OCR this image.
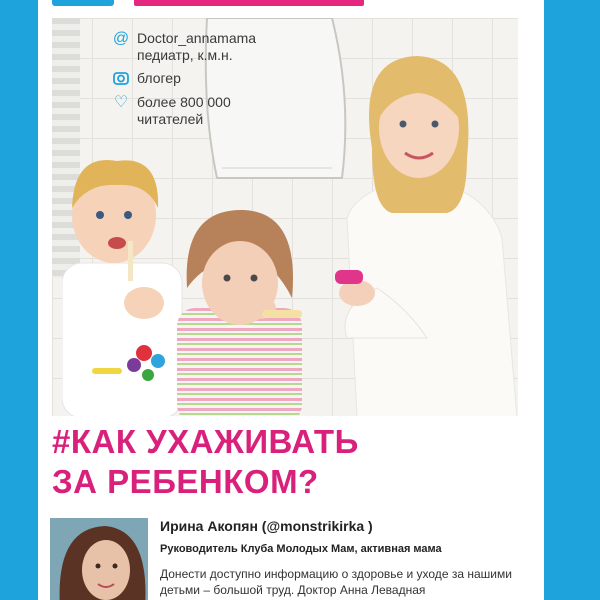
@ Doctor_annamama
педиатр, к.м.н.
блогер
♡ более 800 000
читателей
#КАК УХАЖИВАТЬ
ЗА РЕБЕНКОМ?
Ирина Акопян (@monstrikirka )
Руководитель Клуба Молодых Мам, активная мама

Донести доступно информацию о здоровье и уходе за нашими детьми – большой труд. Доктор Анна Левадная
